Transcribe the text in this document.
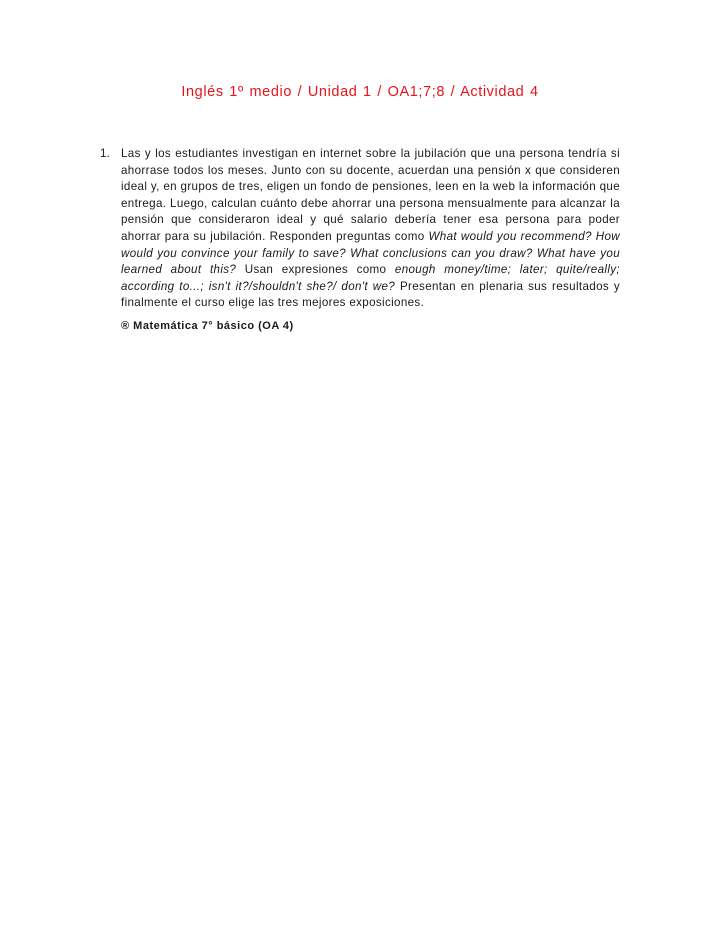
Inglés 1º medio / Unidad 1 / OA1;7;8 / Actividad 4
1. Las y los estudiantes investigan en internet sobre la jubilación que una persona tendría si ahorrase todos los meses. Junto con su docente, acuerdan una pensión x que consideren ideal y, en grupos de tres, eligen un fondo de pensiones, leen en la web la información que entrega. Luego, calculan cuánto debe ahorrar una persona mensualmente para alcanzar la pensión que consideraron ideal y qué salario debería tener esa persona para poder ahorrar para su jubilación. Responden preguntas como What would you recommend? How would you convince your family to save? What conclusions can you draw? What have you learned about this? Usan expresiones como enough money/time; later; quite/really; according to...; isn't it?/shouldn't she?/ don't we? Presentan en plenaria sus resultados y finalmente el curso elige las tres mejores exposiciones.
® Matemática 7° básico (OA 4)
